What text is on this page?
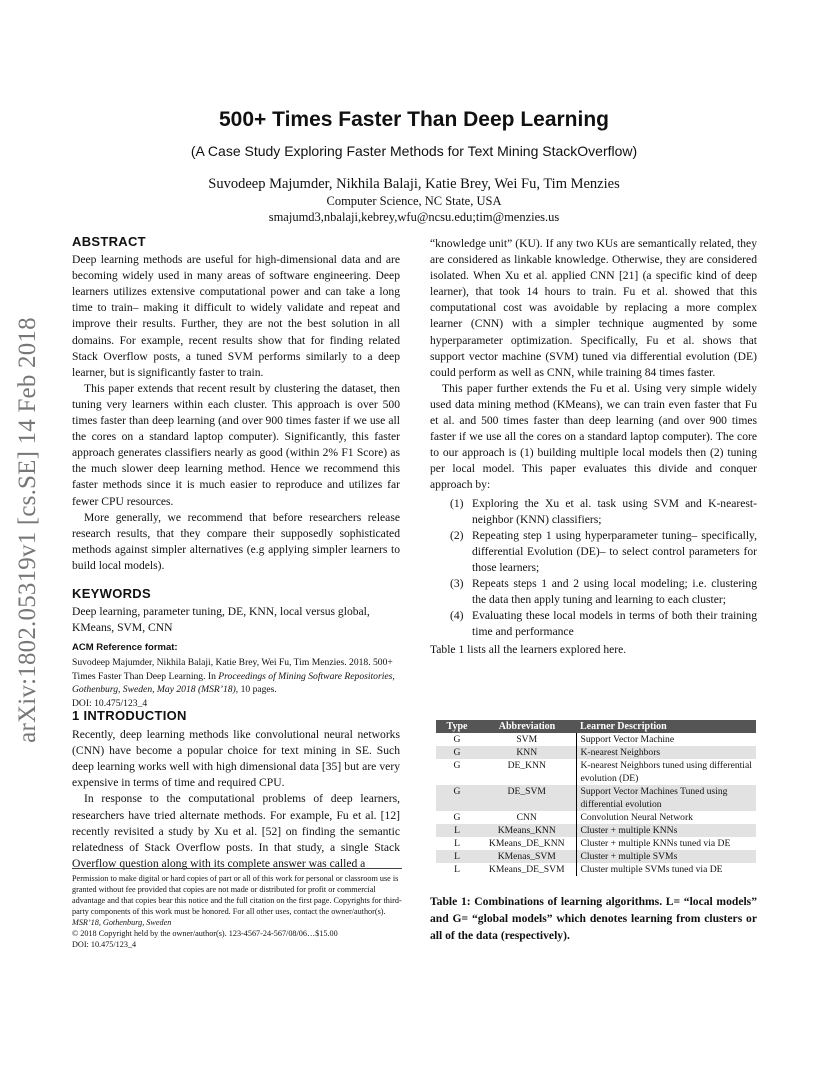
arXiv:1802.05319v1 [cs.SE] 14 Feb 2018
500+ Times Faster Than Deep Learning
(A Case Study Exploring Faster Methods for Text Mining StackOverflow)
Suvodeep Majumder, Nikhila Balaji, Katie Brey, Wei Fu, Tim Menzies
Computer Science, NC State, USA
smajumd3,nbalaji,kebrey,wfu@ncsu.edu;tim@menzies.us
ABSTRACT

Deep learning methods are useful for high-dimensional data and are becoming widely used in many areas of software engineering. Deep learners utilizes extensive computational power and can take a long time to train– making it difficult to widely validate and repeat and improve their results. Further, they are not the best solution in all domains. For example, recent results show that for finding related Stack Overflow posts, a tuned SVM performs similarly to a deep learner, but is significantly faster to train.

This paper extends that recent result by clustering the dataset, then tuning very learners within each cluster. This approach is over 500 times faster than deep learning (and over 900 times faster if we use all the cores on a standard laptop computer). Significantly, this faster approach generates classifiers nearly as good (within 2% F1 Score) as the much slower deep learning method. Hence we recommend this faster methods since it is much easier to reproduce and utilizes far fewer CPU resources.

More generally, we recommend that before researchers release research results, that they compare their supposedly sophisticated methods against simpler alternatives (e.g applying simpler learners to build local models).

KEYWORDS

Deep learning, parameter tuning, DE, KNN, local versus global, KMeans, SVM, CNN

ACM Reference format:
Suvodeep Majumder, Nikhila Balaji, Katie Brey, Wei Fu, Tim Menzies. 2018. 500+ Times Faster Than Deep Learning. In Proceedings of Mining Software Repositories, Gothenburg, Sweden, May 2018 (MSR’18), 10 pages.
DOI: 10.475/123_4
1 INTRODUCTION

Recently, deep learning methods like convolutional neural networks (CNN) have become a popular choice for text mining in SE. Such deep learning works well with high dimensional data [35] but are very expensive in terms of time and required CPU.

In response to the computational problems of deep learners, researchers have tried alternate methods. For example, Fu et al. [12] recently revisited a study by Xu et al. [52] on finding the semantic relatedness of Stack Overflow posts. In that study, a single Stack Overflow question along with its complete answer was called a

Permission to make digital or hard copies of part or all of this work for personal or classroom use is granted without fee provided that copies are not made or distributed for profit or commercial advantage and that copies bear this notice and the full citation on the first page. Copyrights for third-party components of this work must be honored. For all other uses, contact the owner/author(s).

MSR’18, Gothenburg, Sweden

© 2018 Copyright held by the owner/author(s). 123-4567-24-567/08/06…$15.00

DOI: 10.475/123_4

“knowledge unit” (KU). If any two KUs are semantically related, they are considered as linkable knowledge. Otherwise, they are considered isolated. When Xu et al. applied CNN [21] (a specific kind of deep learner), that took 14 hours to train. Fu et al. showed that this computational cost was avoidable by replacing a more complex learner (CNN) with a simpler technique augmented by some hyperparameter optimization. Specifically, Fu et al. shows that support vector machine (SVM) tuned via differential evolution (DE) could perform as well as CNN, while training 84 times faster.

This paper further extends the Fu et al. Using very simple widely used data mining method (KMeans), we can train even faster that Fu et al. and 500 times faster than deep learning (and over 900 times faster if we use all the cores on a standard laptop computer). The core to our approach is (1) building multiple local models then (2) tuning per local model. This paper evaluates this divide and conquer approach by:

(1) Exploring the Xu et al. task using SVM and K-nearest-neighbor (KNN) classifiers;
(2) Repeating step 1 using hyperparameter tuning– specifically, differential Evolution (DE)– to select control parameters for those learners;
(3) Repeats steps 1 and 2 using local modeling; i.e. clustering the data then apply tuning and learning to each cluster;
(4) Evaluating these local models in terms of both their training time and performance

Table 1 lists all the learners explored here.

Type	Abbreviation	Learner Description
G	SVM	Support Vector Machine
G	KNN	K-nearest Neighbors
G	DE_KNN	K-nearest Neighbors tuned using differential evolution (DE)
G	DE_SVM	Support Vector Machines Tuned using differential evolution
G	CNN	Convolution Neural Network
L	KMeans_KNN	Cluster + multiple KNNs
L	KMeans_DE_KNN	Cluster + multiple KNNs tuned via DE
L	KMenas_SVM	Cluster + multiple SVMs
L	KMeans_DE_SVM	Cluster multiple SVMs tuned via DE
Table 1: Combinations of learning algorithms. L= “local models” and G= “global models” which denotes learning from clusters or all of the data (respectively).
